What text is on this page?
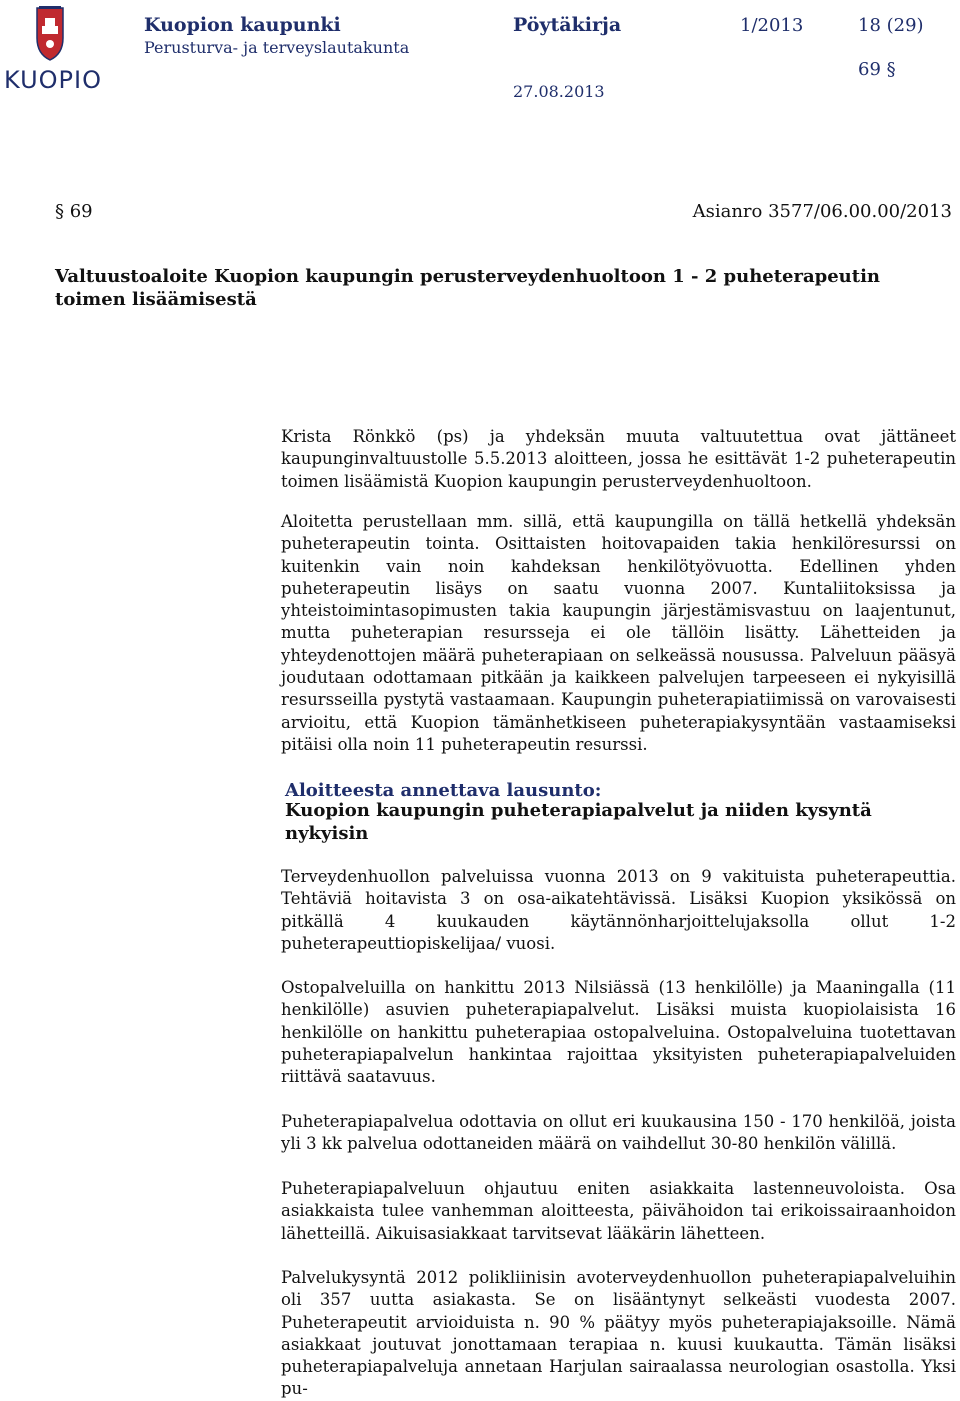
KUOPIO
Kuopion kaupunki
Perusturva- ja terveyslautakunta
Pöytäkirja	1/2013	18 (29)
69 §
27.08.2013
§ 69	Asianro 3577/06.00.00/2013
Valtuustoaloite Kuopion kaupungin perusterveydenhuoltoon 1 - 2 puheterapeutin toimen lisäämisestä

Krista Rönkkö (ps) ja yhdeksän muuta valtuutettua ovat jättäneet kaupunginvaltuustolle 5.5.2013 aloitteen, jossa he esittävät 1-2 puheterapeutin toimen lisäämistä Kuopion kaupungin perusterveydenhuoltoon.

Aloitetta perustellaan mm. sillä, että kaupungilla on tällä hetkellä yhdeksän puheterapeutin tointa. Osittaisten hoitovapaiden takia henkilöresurssi on kuitenkin vain noin kahdeksan henkilötyövuotta. Edellinen yhden puheterapeutin lisäys on saatu vuonna 2007. Kuntaliitoksissa ja yhteistoimintasopimusten takia kaupungin järjestämisvastuu on laajentunut, mutta puheterapian resursseja ei ole tällöin lisätty. Lähetteiden ja yhteydenottojen määrä puheterapiaan on selkeässä nousussa. Palveluun pääsyä joudutaan odottamaan pitkään ja kaikkeen palvelujen tarpeeseen ei nykyisillä resursseilla pystytä vastaamaan. Kaupungin puheterapiatiimissä on varovaisesti arvioitu, että Kuopion tämänhetkiseen puheterapiakysyntään vastaamiseksi pitäisi olla noin 11 puheterapeutin resurssi.

Aloitteesta annettava lausunto:
Kuopion kaupungin puheterapiapalvelut ja niiden kysyntä nykyisin

Terveydenhuollon palveluissa vuonna 2013 on 9 vakituista puheterapeuttia. Tehtäviä hoitavista 3 on osa-aikatehtävissä. Lisäksi Kuopion yksikössä on pitkällä 4 kuukauden käytännönharjoittelujaksolla ollut 1-2 puheterapeuttiopiskelijaa/ vuosi.

Ostopalveluilla on hankittu 2013 Nilsiässä (13 henkilölle) ja Maaningalla (11 henkilölle) asuvien puheterapiapalvelut. Lisäksi muista kuopiolaisista 16 henkilölle on hankittu puheterapiaa ostopalveluina. Ostopalveluina tuotettavan puheterapiapalvelun hankintaa rajoittaa yksityisten puheterapiapalveluiden riittävä saatavuus.

Puheterapiapalvelua odottavia on ollut eri kuukausina 150 - 170 henkilöä, joista yli 3 kk palvelua odottaneiden määrä on vaihdellut 30-80 henkilön välillä.

Puheterapiapalveluun ohjautuu eniten asiakkaita lastenneuvoloista. Osa asiakkaista tulee vanhemman aloitteesta, päivähoidon tai erikoissairaanhoidon lähetteillä. Aikuisasiakkaat tarvitsevat lääkärin lähetteen.

Palvelukysyntä 2012 polikliinisin avoterveydenhuollon puheterapiapalveluihin oli 357 uutta asiakasta. Se on lisääntynyt selkeästi vuodesta 2007. Puheterapeutit arvioiduista n. 90 % päätyy myös puheterapiajaksoille. Nämä asiakkaat joutuvat jonottamaan terapiaa n. kuusi kuukautta. Tämän lisäksi puheterapiapalveluja annetaan Harjulan sairaalassa neurologian osastolla. Yksi pu-
